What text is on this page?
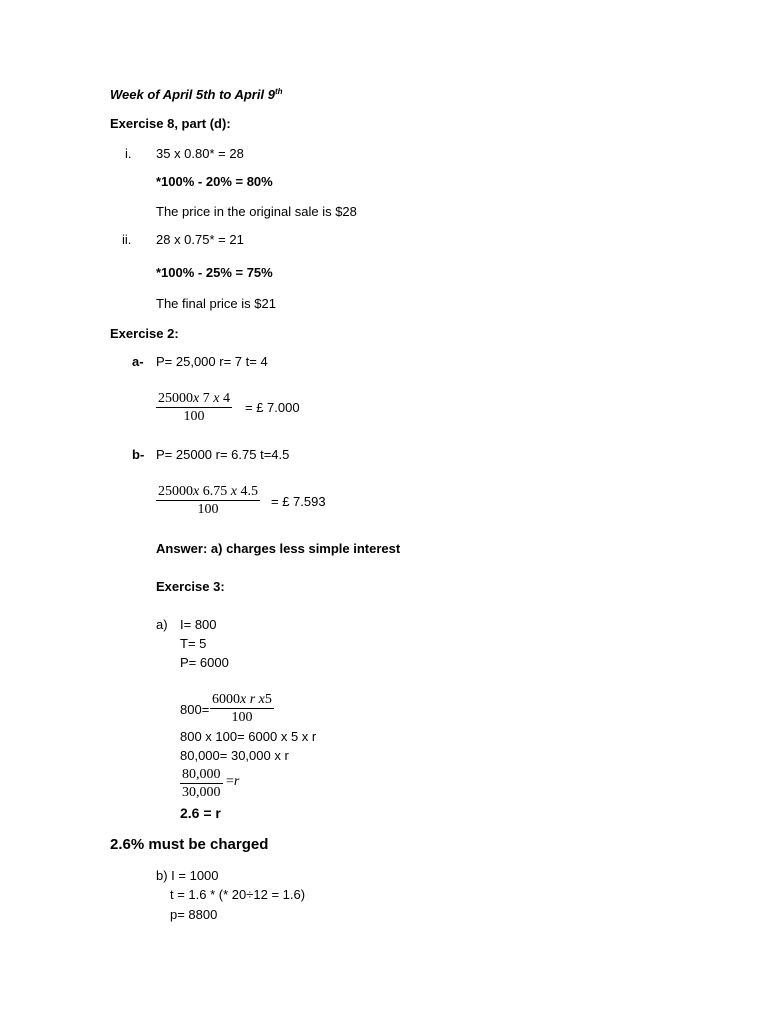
Week of April 5th to April 9th
Exercise 8, part (d):
i. 35 x 0.80* = 28
*100% - 20% = 80%
The price in the original sale is $28
ii. 28 x 0.75* = 21
*100% - 25% = 75%
The final price is $21
Exercise 2:
a- P= 25,000 r= 7 t= 4
$\frac{25000x 7 x 4}{100}$ = £ 7.000
b- P= 25000 r= 6.75 t=4.5
$\frac{25000x 6.75 x 4.5}{100}$ = £ 7.593
Answer: a) charges less simple interest
Exercise 3:
a) I= 800
T= 5
P= 6000
$800= \frac{\text{6000x r x5}}{100}$
800 x 100= 6000 x 5 x r
80,000= 30,000 x r
$\frac{80,000}{30,000} =r$
2.6 = r
2.6% must be charged
b) I = 1000
t = 1.6 * (* 20÷12 = 1.6)
p= 8800
